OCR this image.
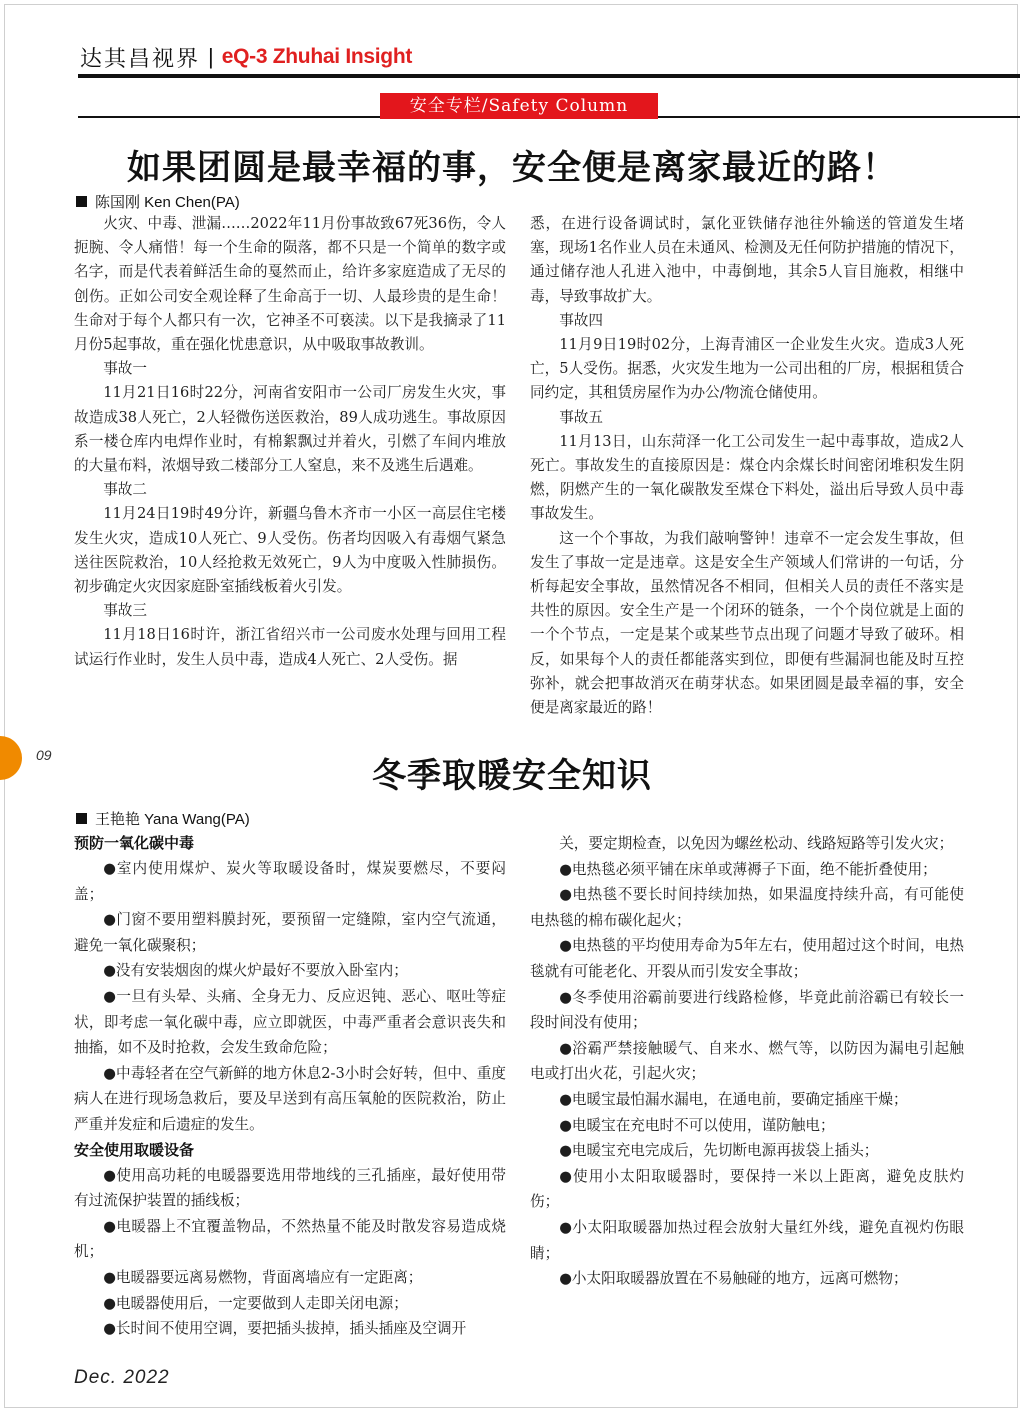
达其昌视界 | eQ-3 Zhuhai Insight
安全专栏/Safety Column
如果团圆是最幸福的事，安全便是离家最近的路！
陈国刚 Ken Chen(PA)

火灾、中毒、泄漏……2022年11月份事故致67死36伤，令人扼腕、令人痛惜！每一个生命的陨落，都不只是一个简单的数字或名字，而是代表着鲜活生命的戛然而止，给许多家庭造成了无尽的创伤。正如公司安全观诠释了生命高于一切、人最珍贵的是生命！生命对于每个人都只有一次，它神圣不可亵渎。以下是我摘录了11月份5起事故，重在强化忧患意识，从中吸取事故教训。

事故一

11月21日16时22分，河南省安阳市一公司厂房发生火灾，事故造成38人死亡，2人轻微伤送医救治，89人成功逃生。事故原因系一楼仓库内电焊作业时，有棉絮飘过并着火，引燃了车间内堆放的大量布料，浓烟导致二楼部分工人窒息，来不及逃生后遇难。

事故二

11月24日19时49分许，新疆乌鲁木齐市一小区一高层住宅楼发生火灾，造成10人死亡、9人受伤。伤者均因吸入有毒烟气紧急送往医院救治，10人经抢救无效死亡，9人为中度吸入性肺损伤。初步确定火灾因家庭卧室插线板着火引发。

事故三

11月18日16时许，浙江省绍兴市一公司废水处理与回用工程试运行作业时，发生人员中毒，造成4人死亡、2人受伤。据

悉，在进行设备调试时，氯化亚铁储存池往外输送的管道发生堵塞，现场1名作业人员在未通风、检测及无任何防护措施的情况下，通过储存池人孔进入池中，中毒倒地，其余5人盲目施救，相继中毒，导致事故扩大。

事故四

11月9日19时02分，上海青浦区一企业发生火灾。造成3人死亡，5人受伤。据悉，火灾发生地为一公司出租的厂房，根据租赁合同约定，其租赁房屋作为办公/物流仓储使用。

事故五

11月13日，山东菏泽一化工公司发生一起中毒事故，造成2人死亡。事故发生的直接原因是：煤仓内余煤长时间密闭堆积发生阴燃，阴燃产生的一氧化碳散发至煤仓下料处，溢出后导致人员中毒事故发生。

这一个个事故，为我们敲响警钟！违章不一定会发生事故，但发生了事故一定是违章。这是安全生产领域人们常讲的一句话，分析每起安全事故，虽然情况各不相同，但相关人员的责任不落实是共性的原因。安全生产是一个闭环的链条，一个个岗位就是上面的一个个节点，一定是某个或某些节点出现了问题才导致了破环。相反，如果每个人的责任都能落实到位，即便有些漏洞也能及时互控弥补，就会把事故消灭在萌芽状态。如果团圆是最幸福的事，安全便是离家最近的路！

09
冬季取暖安全知识
王艳艳 Yana Wang(PA)
预防一氧化碳中毒

●室内使用煤炉、炭火等取暖设备时，煤炭要燃尽，不要闷盖；

●门窗不要用塑料膜封死，要预留一定缝隙，室内空气流通，避免一氧化碳聚积；

●没有安装烟囱的煤火炉最好不要放入卧室内；

●一旦有头晕、头痛、全身无力、反应迟钝、恶心、呕吐等症状，即考虑一氧化碳中毒，应立即就医，中毒严重者会意识丧失和抽搐，如不及时抢救，会发生致命危险；

●中毒轻者在空气新鲜的地方休息2-3小时会好转，但中、重度病人在进行现场急救后，要及早送到有高压氧舱的医院救治，防止严重并发症和后遗症的发生。

安全使用取暖设备

●使用高功耗的电暖器要选用带地线的三孔插座，最好使用带有过流保护装置的插线板；

●电暖器上不宜覆盖物品，不然热量不能及时散发容易造成烧机；

●电暖器要远离易燃物，背面离墙应有一定距离；

●电暖器使用后，一定要做到人走即关闭电源；

●长时间不使用空调，要把插头拔掉，插头插座及空调开

关，要定期检查，以免因为螺丝松动、线路短路等引发火灾；

●电热毯必须平铺在床单或薄褥子下面，绝不能折叠使用；

●电热毯不要长时间持续加热，如果温度持续升高，有可能使电热毯的棉布碳化起火；

●电热毯的平均使用寿命为5年左右，使用超过这个时间，电热毯就有可能老化、开裂从而引发安全事故；

●冬季使用浴霸前要进行线路检修，毕竟此前浴霸已有较长一段时间没有使用；

●浴霸严禁接触暖气、自来水、燃气等，以防因为漏电引起触电或打出火花，引起火灾；

●电暖宝最怕漏水漏电，在通电前，要确定插座干燥；

●电暖宝在充电时不可以使用，谨防触电；

●电暖宝充电完成后，先切断电源再拔袋上插头；

●使用小太阳取暖器时，要保持一米以上距离，避免皮肤灼伤；

●小太阳取暖器加热过程会放射大量红外线，避免直视灼伤眼睛；

●小太阳取暖器放置在不易触碰的地方，远离可燃物；

Dec. 2022
